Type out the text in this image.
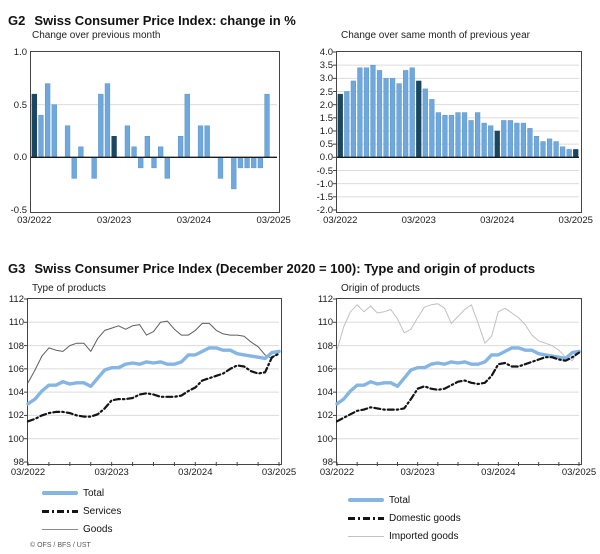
G2 Swiss Consumer Price Index: change in %
Change over previous month	Change over same month of previous year
G3 Swiss Consumer Price Index (December 2020 = 100): Type and origin of products
Type of products	Origin of products
Total
Services
Goods
Total
Domestic goods
Imported goods
© OFS / BFS / UST
1.0
0.5
0.0
-0.5
03/2022	03/2023	03/2024	03/2025
4.0
3.5
3.0
2.5
2.0
1.5
1.0
0.5
0.0
-0.5
-1.0
-1.5
-2.0
03/2022	03/2023	03/2024	03/2025
112
110
108
106
104
102
100
98
03/2022	03/2023	03/2024	03/2025
112
110
108
106
104
102
100
98
03/2022	03/2023	03/2024	03/2025
